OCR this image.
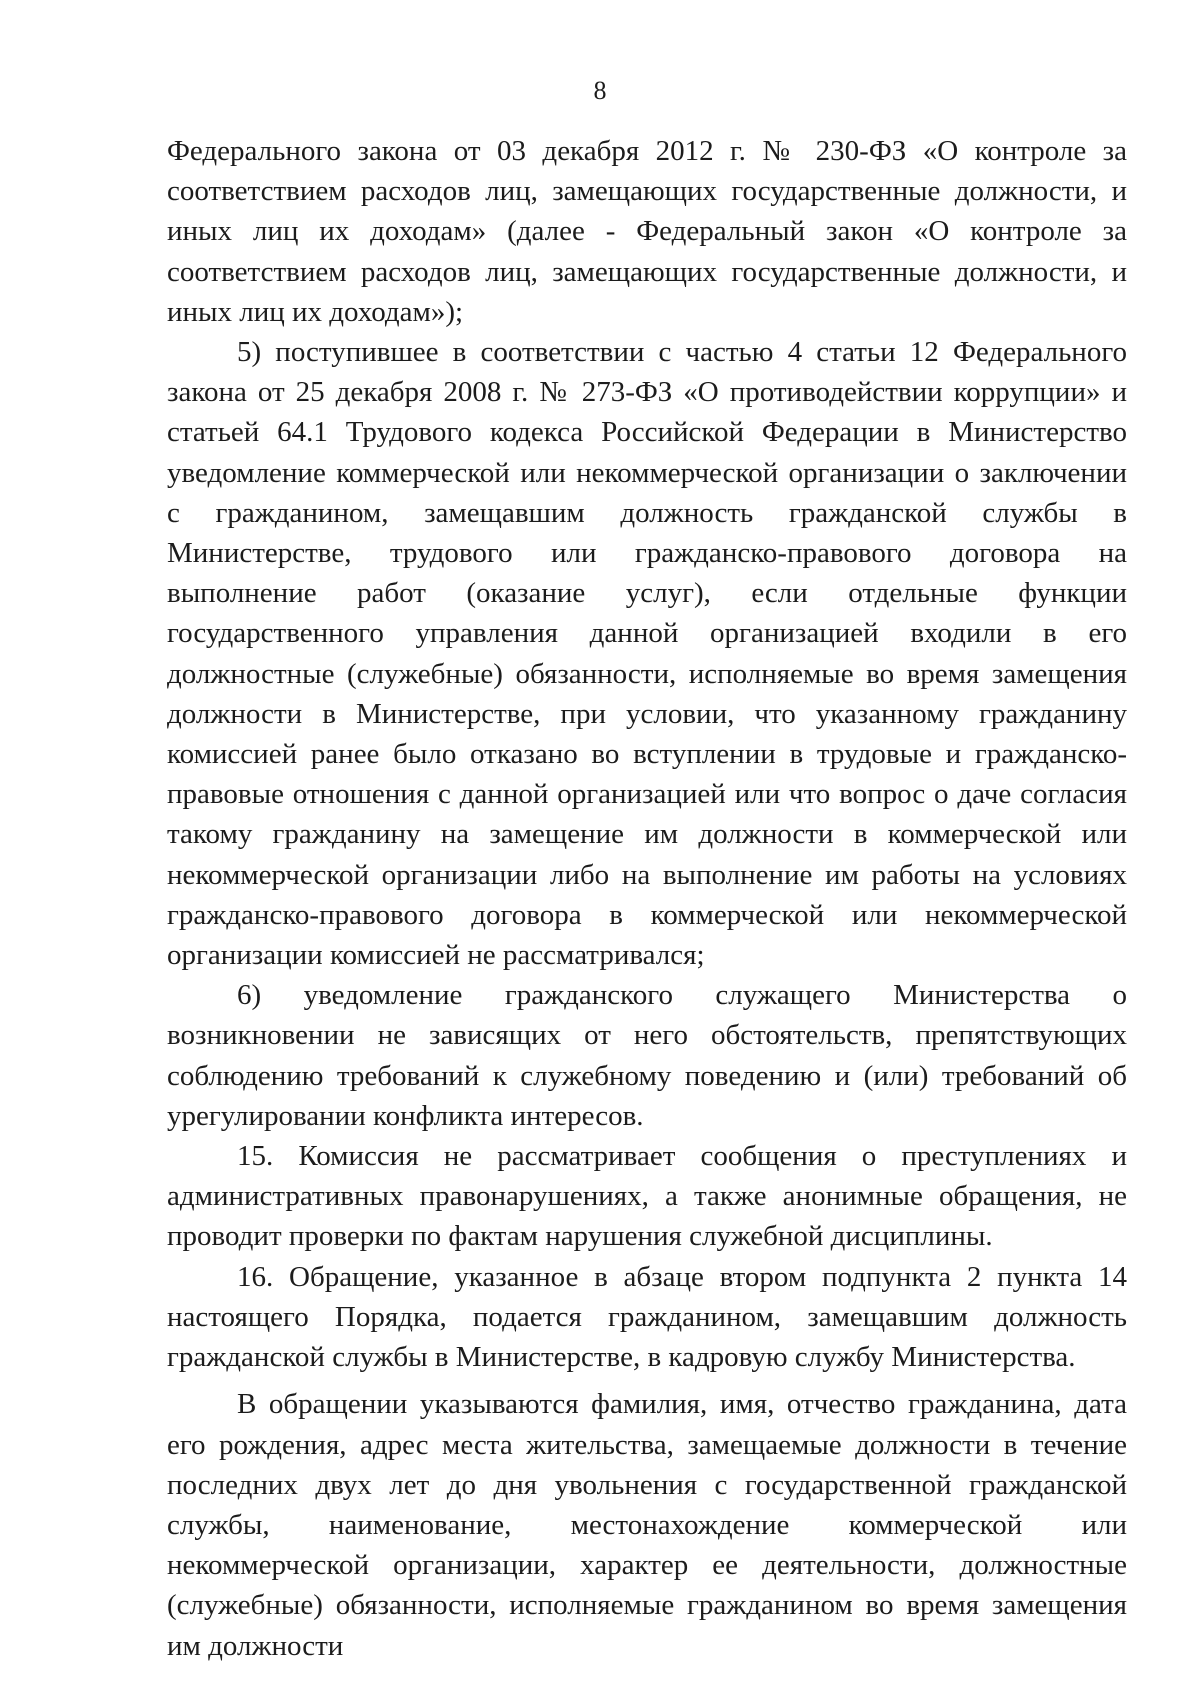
8

Федерального закона от 03 декабря 2012 г. № 230-ФЗ «О контроле за соответствием расходов лиц, замещающих государственные должности, и иных лиц их доходам» (далее - Федеральный закон «О контроле за соответствием расходов лиц, замещающих государственные должности, и иных лиц их доходам»);

5) поступившее в соответствии с частью 4 статьи 12 Федерального закона от 25 декабря 2008 г. № 273-ФЗ «О противодействии коррупции» и статьей 64.1 Трудового кодекса Российской Федерации в Министерство уведомление коммерческой или некоммерческой организации о заключении с гражданином, замещавшим должность гражданской службы в Министерстве, трудового или гражданско-правового договора на выполнение работ (оказание услуг), если отдельные функции государственного управления данной организацией входили в его должностные (служебные) обязанности, исполняемые во время замещения должности в Министерстве, при условии, что указанному гражданину комиссией ранее было отказано во вступлении в трудовые и гражданско-правовые отношения с данной организацией или что вопрос о даче согласия такому гражданину на замещение им должности в коммерческой или некоммерческой организации либо на выполнение им работы на условиях гражданско-правового договора в коммерческой или некоммерческой организации комиссией не рассматривался;

6) уведомление гражданского служащего Министерства о возникновении не зависящих от него обстоятельств, препятствующих соблюдению требований к служебному поведению и (или) требований об урегулировании конфликта интересов.

15. Комиссия не рассматривает сообщения о преступлениях и административных правонарушениях, а также анонимные обращения, не проводит проверки по фактам нарушения служебной дисциплины.

16. Обращение, указанное в абзаце втором подпункта 2 пункта 14 настоящего Порядка, подается гражданином, замещавшим должность гражданской службы в Министерстве, в кадровую службу Министерства.

В обращении указываются фамилия, имя, отчество гражданина, дата его рождения, адрес места жительства, замещаемые должности в течение последних двух лет до дня увольнения с государственной гражданской службы, наименование, местонахождение коммерческой или некоммерческой организации, характер ее деятельности, должностные (служебные) обязанности, исполняемые гражданином во время замещения им должности
